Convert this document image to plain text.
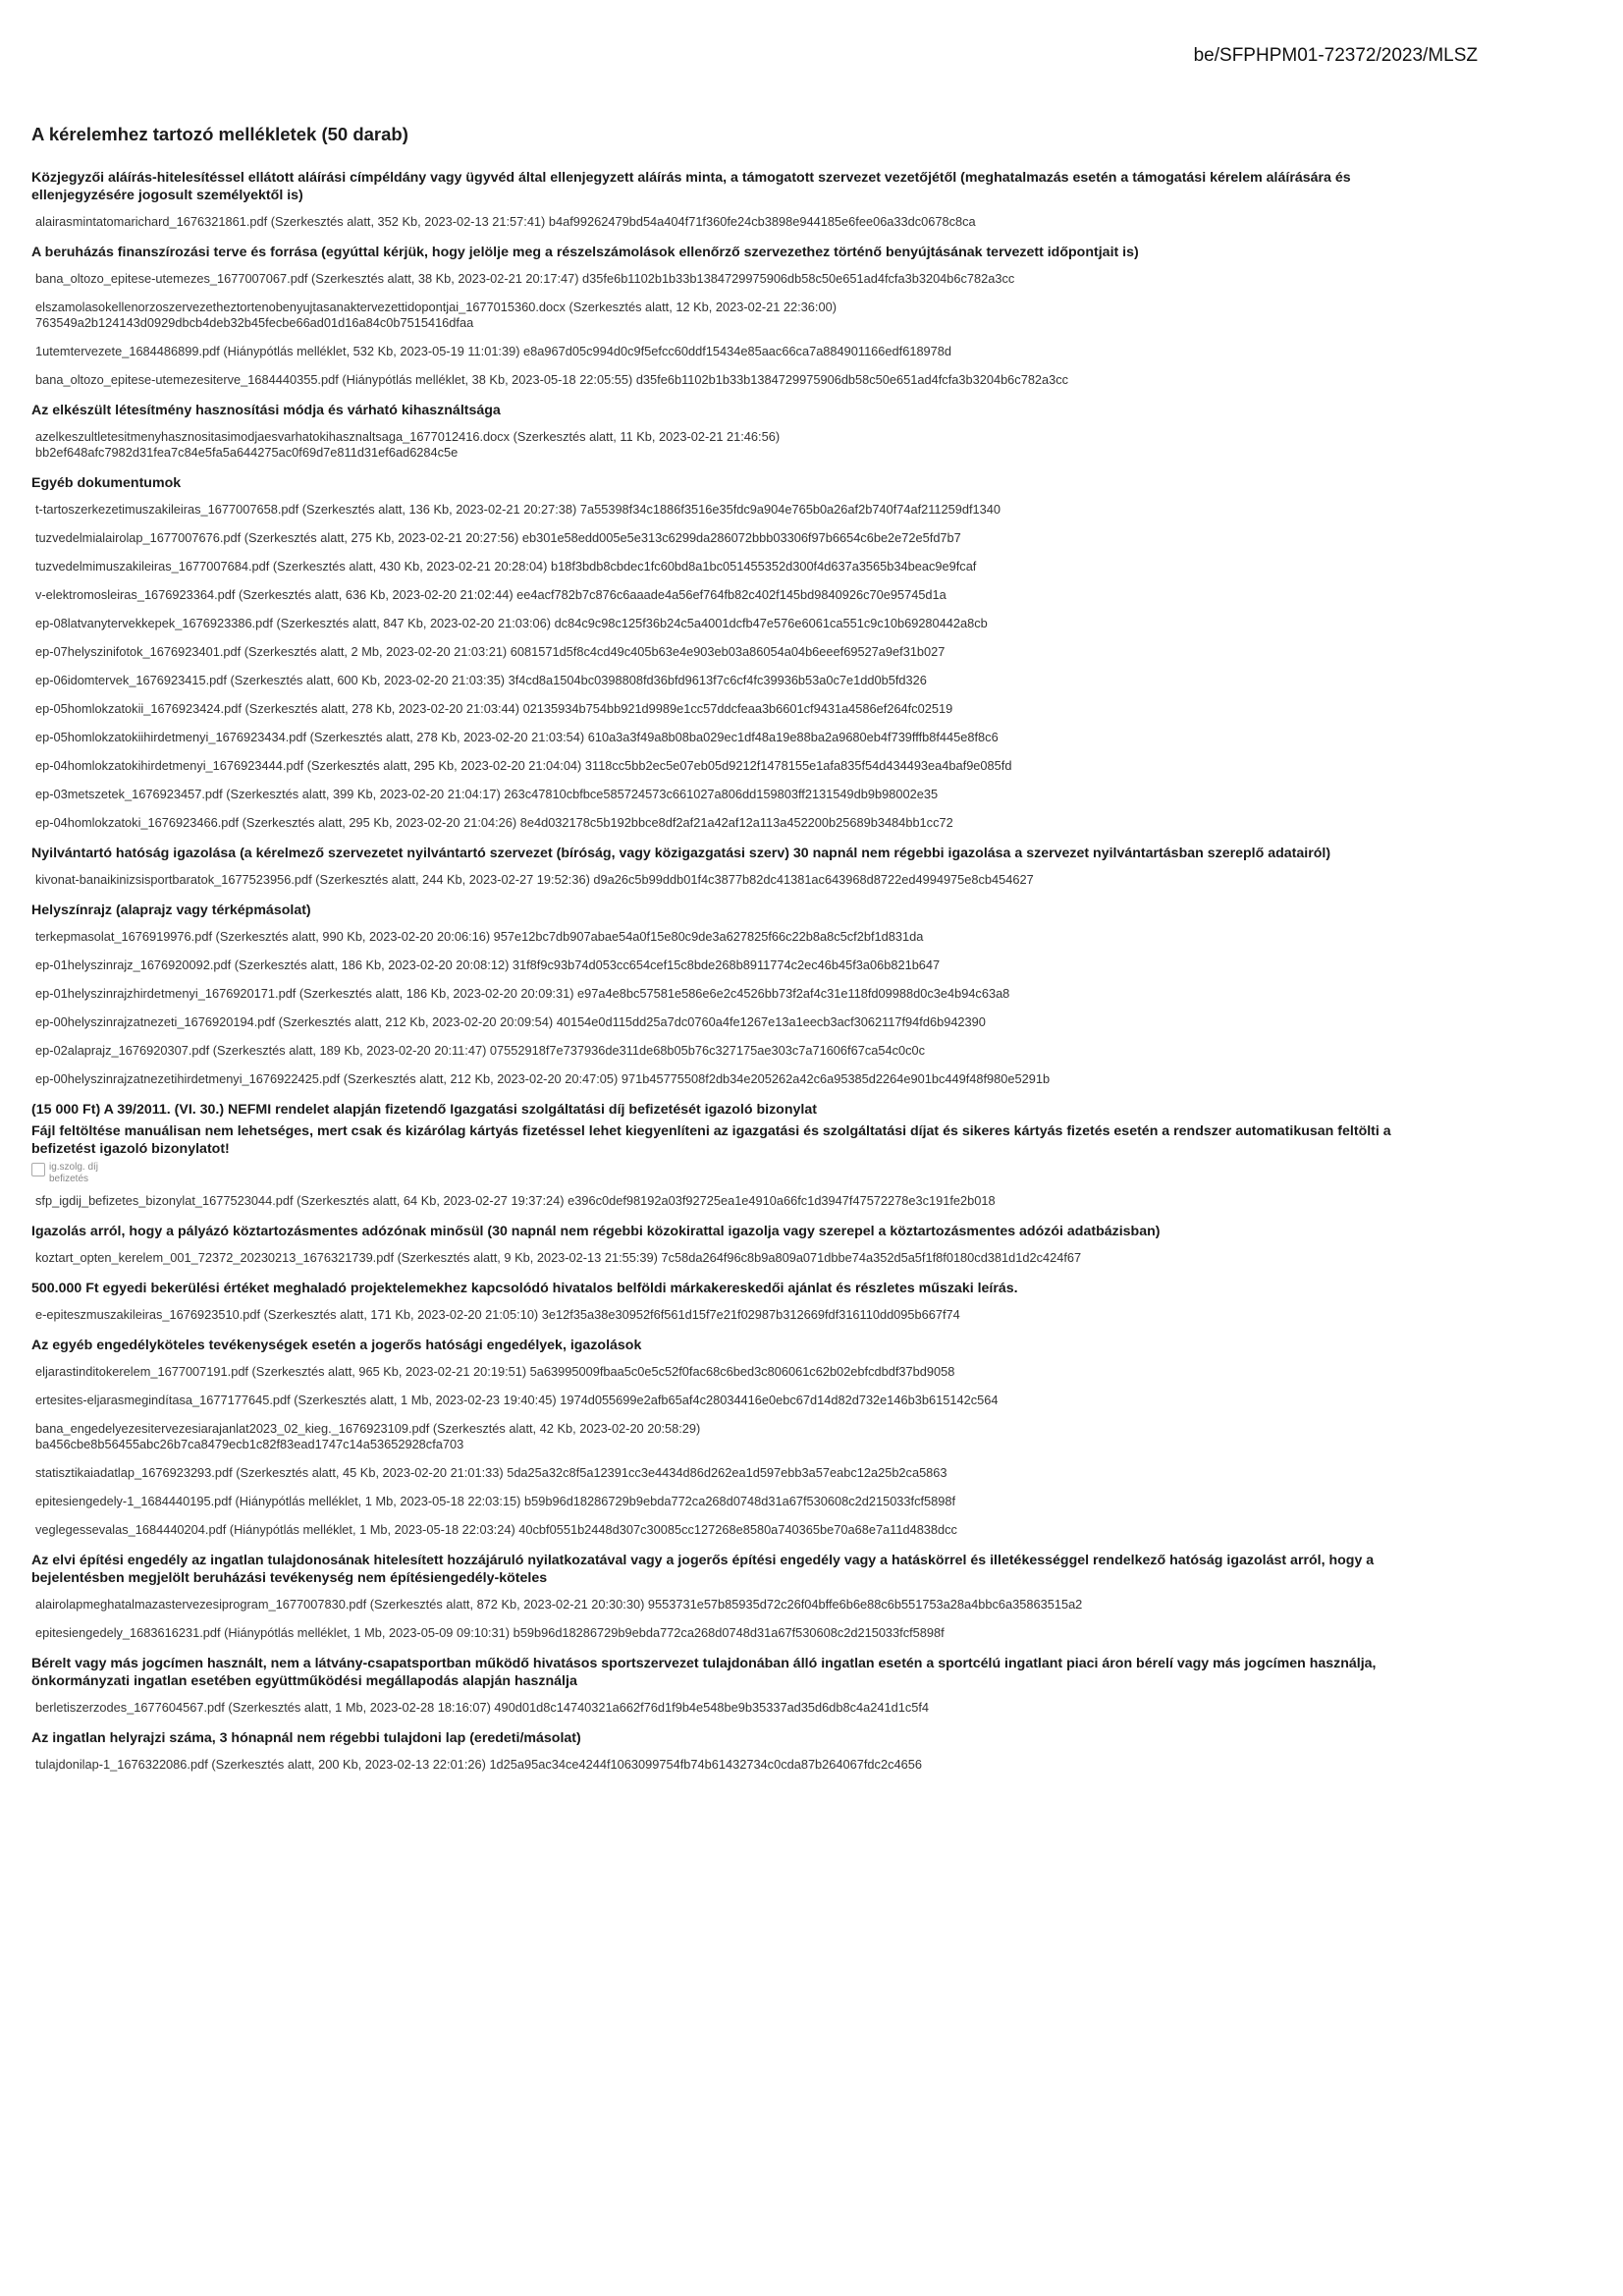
be/SFPHPM01-72372/2023/MLSZ
A kérelemhez tartozó mellékletek (50 darab)
Közjegyzői aláírás-hitelesítéssel ellátott aláírási címpéldány vagy ügyvéd által ellenjegyzett aláírás minta, a támogatott szervezet vezetőjétől (meghatalmazás esetén a támogatási kérelem aláírására és ellenjegyzésére jogosult személyektől is)
alairasmintatomarichard_1676321861.pdf (Szerkesztés alatt, 352 Kb, 2023-02-13 21:57:41) b4af99262479bd54a404f71f360fe24cb3898e944185e6fee06a33dc0678c8ca
A beruházás finanszírozási terve és forrása (egyúttal kérjük, hogy jelölje meg a részelszámolások ellenőrző szervezethez történő benyújtásának tervezett időpontjait is)
bana_oltozo_epitese-utemezes_1677007067.pdf (Szerkesztés alatt, 38 Kb, 2023-02-21 20:17:47) d35fe6b1102b1b33b1384729975906db58c50e651ad4fcfa3b3204b6c782a3cc
elszamolasokellenorzoszervezetheztortenobenyujtasanaktervezettidopontjai_1677015360.docx (Szerkesztés alatt, 12 Kb, 2023-02-21 22:36:00)
763549a2b124143d0929dbcb4deb32b45fecbe66ad01d16a84c0b7515416dfaa
1utemtervezete_1684486899.pdf (Hiánypótlás melléklet, 532 Kb, 2023-05-19 11:01:39) e8a967d05c994d0c9f5efcc60ddf15434e85aac66ca7a884901166edf618978d
bana_oltozo_epitese-utemezesiterve_1684440355.pdf (Hiánypótlás melléklet, 38 Kb, 2023-05-18 22:05:55) d35fe6b1102b1b33b1384729975906db58c50e651ad4fcfa3b3204b6c782a3cc
Az elkészült létesítmény hasznosítási módja és várható kihasználtsága
azelkeszultletesitmenyhasznositasimodjaesvarhatokihasznaltsaga_1677012416.docx (Szerkesztés alatt, 11 Kb, 2023-02-21 21:46:56)
bb2ef648afc7982d31fea7c84e5fa5a644275ac0f69d7e811d31ef6ad6284c5e
Egyéb dokumentumok
t-tartoszerkezetimuszakileiras_1677007658.pdf (Szerkesztés alatt, 136 Kb, 2023-02-21 20:27:38) 7a55398f34c1886f3516e35fdc9a904e765b0a26af2b740f74af211259df1340
tuzvedelmialairolap_1677007676.pdf (Szerkesztés alatt, 275 Kb, 2023-02-21 20:27:56) eb301e58edd005e5e313c6299da286072bbb03306f97b6654c6be2e72e5fd7b7
tuzvedelmimuszakileiras_1677007684.pdf (Szerkesztés alatt, 430 Kb, 2023-02-21 20:28:04) b18f3bdb8cbdec1fc60bd8a1bc051455352d300f4d637a3565b34beac9e9fcaf
v-elektromosleiras_1676923364.pdf (Szerkesztés alatt, 636 Kb, 2023-02-20 21:02:44) ee4acf782b7c876c6aaade4a56ef764fb82c402f145bd9840926c70e95745d1a
ep-08latvanytervekkepek_1676923386.pdf (Szerkesztés alatt, 847 Kb, 2023-02-20 21:03:06) dc84c9c98c125f36b24c5a4001dcfb47e576e6061ca551c9c10b69280442a8cb
ep-07helyszinifotok_1676923401.pdf (Szerkesztés alatt, 2 Mb, 2023-02-20 21:03:21) 6081571d5f8c4cd49c405b63e4e903eb03a86054a04b6eeef69527a9ef31b027
ep-06idomtervek_1676923415.pdf (Szerkesztés alatt, 600 Kb, 2023-02-20 21:03:35) 3f4cd8a1504bc0398808fd36bfd9613f7c6cf4fc39936b53a0c7e1dd0b5fd326
ep-05homlokzatokii_1676923424.pdf (Szerkesztés alatt, 278 Kb, 2023-02-20 21:03:44) 02135934b754bb921d9989e1cc57ddcfeaa3b6601cf9431a4586ef264fc02519
ep-05homlokzatokiihirdetmenyi_1676923434.pdf (Szerkesztés alatt, 278 Kb, 2023-02-20 21:03:54) 610a3a3f49a8b08ba029ec1df48a19e88ba2a9680eb4f739fffb8f445e8f8c6
ep-04homlokzatokihirdetmenyi_1676923444.pdf (Szerkesztés alatt, 295 Kb, 2023-02-20 21:04:04) 3118cc5bb2ec5e07eb05d9212f1478155e1afa835f54d434493ea4baf9e085fd
ep-03metszetek_1676923457.pdf (Szerkesztés alatt, 399 Kb, 2023-02-20 21:04:17) 263c47810cbfbce585724573c661027a806dd159803ff2131549db9b98002e35
ep-04homlokzatoki_1676923466.pdf (Szerkesztés alatt, 295 Kb, 2023-02-20 21:04:26) 8e4d032178c5b192bbce8df2af21a42af12a113a452200b25689b3484bb1cc72
Nyilvántartó hatóság igazolása (a kérelmező szervezetet nyilvántartó szervezet (bíróság, vagy közigazgatási szerv) 30 napnál nem régebbi igazolása a szervezet nyilvántartásban szereplő adatairól)
kivonat-banaikinizsisportbaratok_1677523956.pdf (Szerkesztés alatt, 244 Kb, 2023-02-27 19:52:36) d9a26c5b99ddb01f4c3877b82dc41381ac643968d8722ed4994975e8cb454627
Helyszínrajz (alaprajz vagy térképmásolat)
terkepmasolat_1676919976.pdf (Szerkesztés alatt, 990 Kb, 2023-02-20 20:06:16) 957e12bc7db907abae54a0f15e80c9de3a627825f66c22b8a8c5cf2bf1d831da
ep-01helyszinrajz_1676920092.pdf (Szerkesztés alatt, 186 Kb, 2023-02-20 20:08:12) 31f8f9c93b74d053cc654cef15c8bde268b8911774c2ec46b45f3a06b821b647
ep-01helyszinrajzhirdetmenyi_1676920171.pdf (Szerkesztés alatt, 186 Kb, 2023-02-20 20:09:31) e97a4e8bc57581e586e6e2c4526bb73f2af4c31e118fd09988d0c3e4b94c63a8
ep-00helyszinrajzatnezeti_1676920194.pdf (Szerkesztés alatt, 212 Kb, 2023-02-20 20:09:54) 40154e0d115dd25a7dc0760a4fe1267e13a1eecb3acf3062117f94fd6b942390
ep-02alaprajz_1676920307.pdf (Szerkesztés alatt, 189 Kb, 2023-02-20 20:11:47) 07552918f7e737936de311de68b05b76c327175ae303c7a71606f67ca54c0c0c
ep-00helyszinrajzatnezetihirdetmenyi_1676922425.pdf (Szerkesztés alatt, 212 Kb, 2023-02-20 20:47:05) 971b45775508f2db34e205262a42c6a95385d2264e901bc449f48f980e5291b
(15 000 Ft) A 39/2011. (VI. 30.) NEFMI rendelet alapján fizetendő Igazgatási szolgáltatási díj befizetését igazoló bizonylat
Fájl feltöltése manuálisan nem lehetséges, mert csak és kizárólag kártyás fizetéssel lehet kiegyenlíteni az igazgatási és szolgáltatási díjat és sikeres kártyás fizetés esetén a rendszer automatikusan feltölti a befizetést igazoló bizonylatot!
ig.szolg. díj
befizetés
sfp_igdij_befizetes_bizonylat_1677523044.pdf (Szerkesztés alatt, 64 Kb, 2023-02-27 19:37:24) e396c0def98192a03f92725ea1e4910a66fc1d3947f47572278e3c191fe2b018
Igazolás arról, hogy a pályázó köztartozásmentes adózónak minősül (30 napnál nem régebbi közokirattal igazolja vagy szerepel a köztartozásmentes adózói adatbázisban)
koztart_opten_kerelem_001_72372_20230213_1676321739.pdf (Szerkesztés alatt, 9 Kb, 2023-02-13 21:55:39) 7c58da264f96c8b9a809a071dbbe74a352d5a5f1f8f0180cd381d1d2c424f67
500.000 Ft egyedi bekerülési értéket meghaladó projektelemekhez kapcsolódó hivatalos belföldi márkakereskedői ajánlat és részletes műszaki leírás.
e-epiteszmuszakileiras_1676923510.pdf (Szerkesztés alatt, 171 Kb, 2023-02-20 21:05:10) 3e12f35a38e30952f6f561d15f7e21f02987b312669fdf316110dd095b667f74
Az egyéb engedélyköteles tevékenységek esetén a jogerős hatósági engedélyek, igazolások
eljarastinditokerelem_1677007191.pdf (Szerkesztés alatt, 965 Kb, 2023-02-21 20:19:51) 5a63995009fbaa5c0e5c52f0fac68c6bed3c806061c62b02ebfcdbdf37bd9058
ertesites-eljarasmegindítasa_1677177645.pdf (Szerkesztés alatt, 1 Mb, 2023-02-23 19:40:45) 1974d055699e2afb65af4c28034416e0ebc67d14d82d732e146b3b615142c564
bana_engedelyezesitervezesiarajanlat2023_02_kieg._1676923109.pdf (Szerkesztés alatt, 42 Kb, 2023-02-20 20:58:29)
ba456cbe8b56455abc26b7ca8479ecb1c82f83ead1747c14a53652928cfa703
statisztikaiadatlap_1676923293.pdf (Szerkesztés alatt, 45 Kb, 2023-02-20 21:01:33) 5da25a32c8f5a12391cc3e4434d86d262ea1d597ebb3a57eabc12a25b2ca5863
epitesiengedely-1_1684440195.pdf (Hiánypótlás melléklet, 1 Mb, 2023-05-18 22:03:15) b59b96d18286729b9ebda772ca268d0748d31a67f530608c2d215033fcf5898f
veglegessevalas_1684440204.pdf (Hiánypótlás melléklet, 1 Mb, 2023-05-18 22:03:24) 40cbf0551b2448d307c30085cc127268e8580a740365be70a68e7a11d4838dcc
Az elvi építési engedély az ingatlan tulajdonosának hitelesített hozzájáruló nyilatkozatával vagy a jogerős építési engedély vagy a hatáskörrel és illetékességgel rendelkező hatóság igazolást arról, hogy a bejelentésben megjelölt beruházási tevékenység nem építésiengedély-köteles
alairolapmeghatalmazastervezesiprogram_1677007830.pdf (Szerkesztés alatt, 872 Kb, 2023-02-21 20:30:30) 9553731e57b85935d72c26f04bffe6b6e88c6b551753a28a4bbc6a35863515a2
epitesiengedely_1683616231.pdf (Hiánypótlás melléklet, 1 Mb, 2023-05-09 09:10:31) b59b96d18286729b9ebda772ca268d0748d31a67f530608c2d215033fcf5898f
Bérelt vagy más jogcímen használt, nem a látvány-csapatsportban működő hivatásos sportszervezet tulajdonában álló ingatlan esetén a sportcélú ingatlant piaci áron bérelí vagy más jogcímen használja, önkormányzati ingatlan esetében együttműködési megállapodás alapján használja
berletiszerzodes_1677604567.pdf (Szerkesztés alatt, 1 Mb, 2023-02-28 18:16:07) 490d01d8c14740321a662f76d1f9b4e548be9b35337ad35d6db8c4a241d1c5f4
Az ingatlan helyrajzi száma, 3 hónapnál nem régebbi tulajdoni lap (eredeti/másolat)
tulajdonilap-1_1676322086.pdf (Szerkesztés alatt, 200 Kb, 2023-02-13 22:01:26) 1d25a95ac34ce4244f1063099754fb74b61432734c0cda87b264067fdc2c4656
